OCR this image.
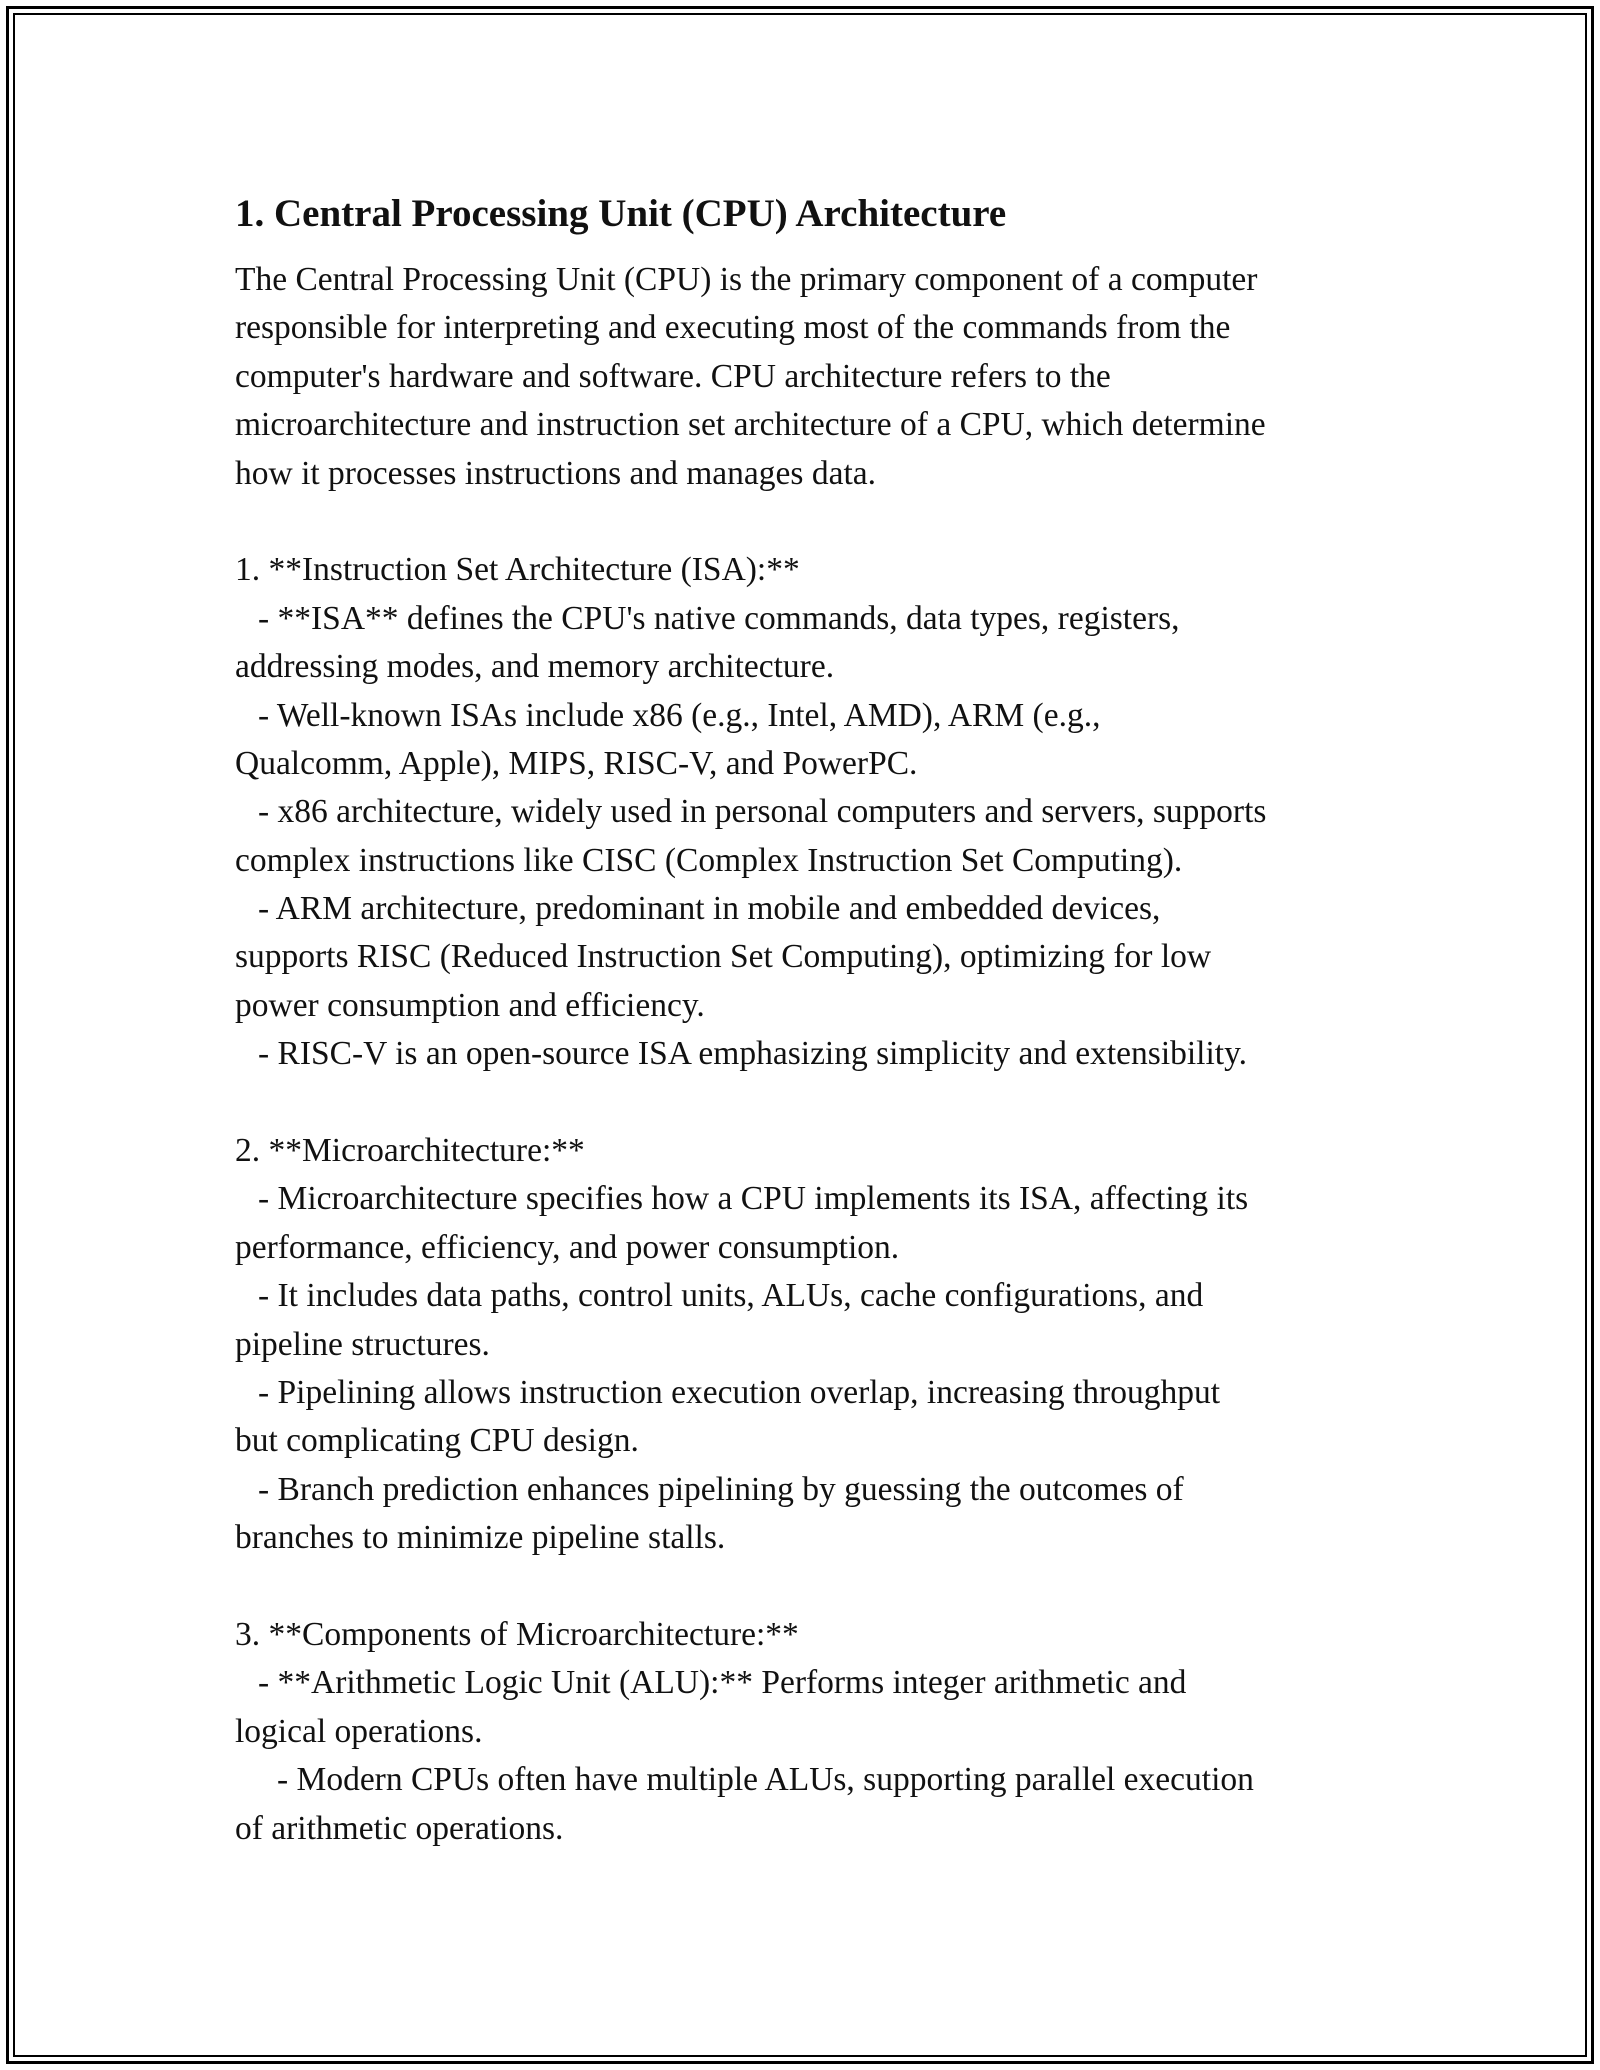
1. Central Processing Unit (CPU) Architecture
The Central Processing Unit (CPU) is the primary component of a computer
responsible for interpreting and executing most of the commands from the
computer's hardware and software. CPU architecture refers to the
microarchitecture and instruction set architecture of a CPU, which determine
how it processes instructions and manages data.
1. **Instruction Set Architecture (ISA):**
- **ISA** defines the CPU's native commands, data types, registers,
addressing modes, and memory architecture.
- Well-known ISAs include x86 (e.g., Intel, AMD), ARM (e.g.,
Qualcomm, Apple), MIPS, RISC-V, and PowerPC.
- x86 architecture, widely used in personal computers and servers, supports
complex instructions like CISC (Complex Instruction Set Computing).
- ARM architecture, predominant in mobile and embedded devices,
supports RISC (Reduced Instruction Set Computing), optimizing for low
power consumption and efficiency.
- RISC-V is an open-source ISA emphasizing simplicity and extensibility.
2. **Microarchitecture:**
- Microarchitecture specifies how a CPU implements its ISA, affecting its
performance, efficiency, and power consumption.
- It includes data paths, control units, ALUs, cache configurations, and
pipeline structures.
- Pipelining allows instruction execution overlap, increasing throughput
but complicating CPU design.
- Branch prediction enhances pipelining by guessing the outcomes of
branches to minimize pipeline stalls.
3. **Components of Microarchitecture:**
- **Arithmetic Logic Unit (ALU):** Performs integer arithmetic and
logical operations.
- Modern CPUs often have multiple ALUs, supporting parallel execution
of arithmetic operations.
